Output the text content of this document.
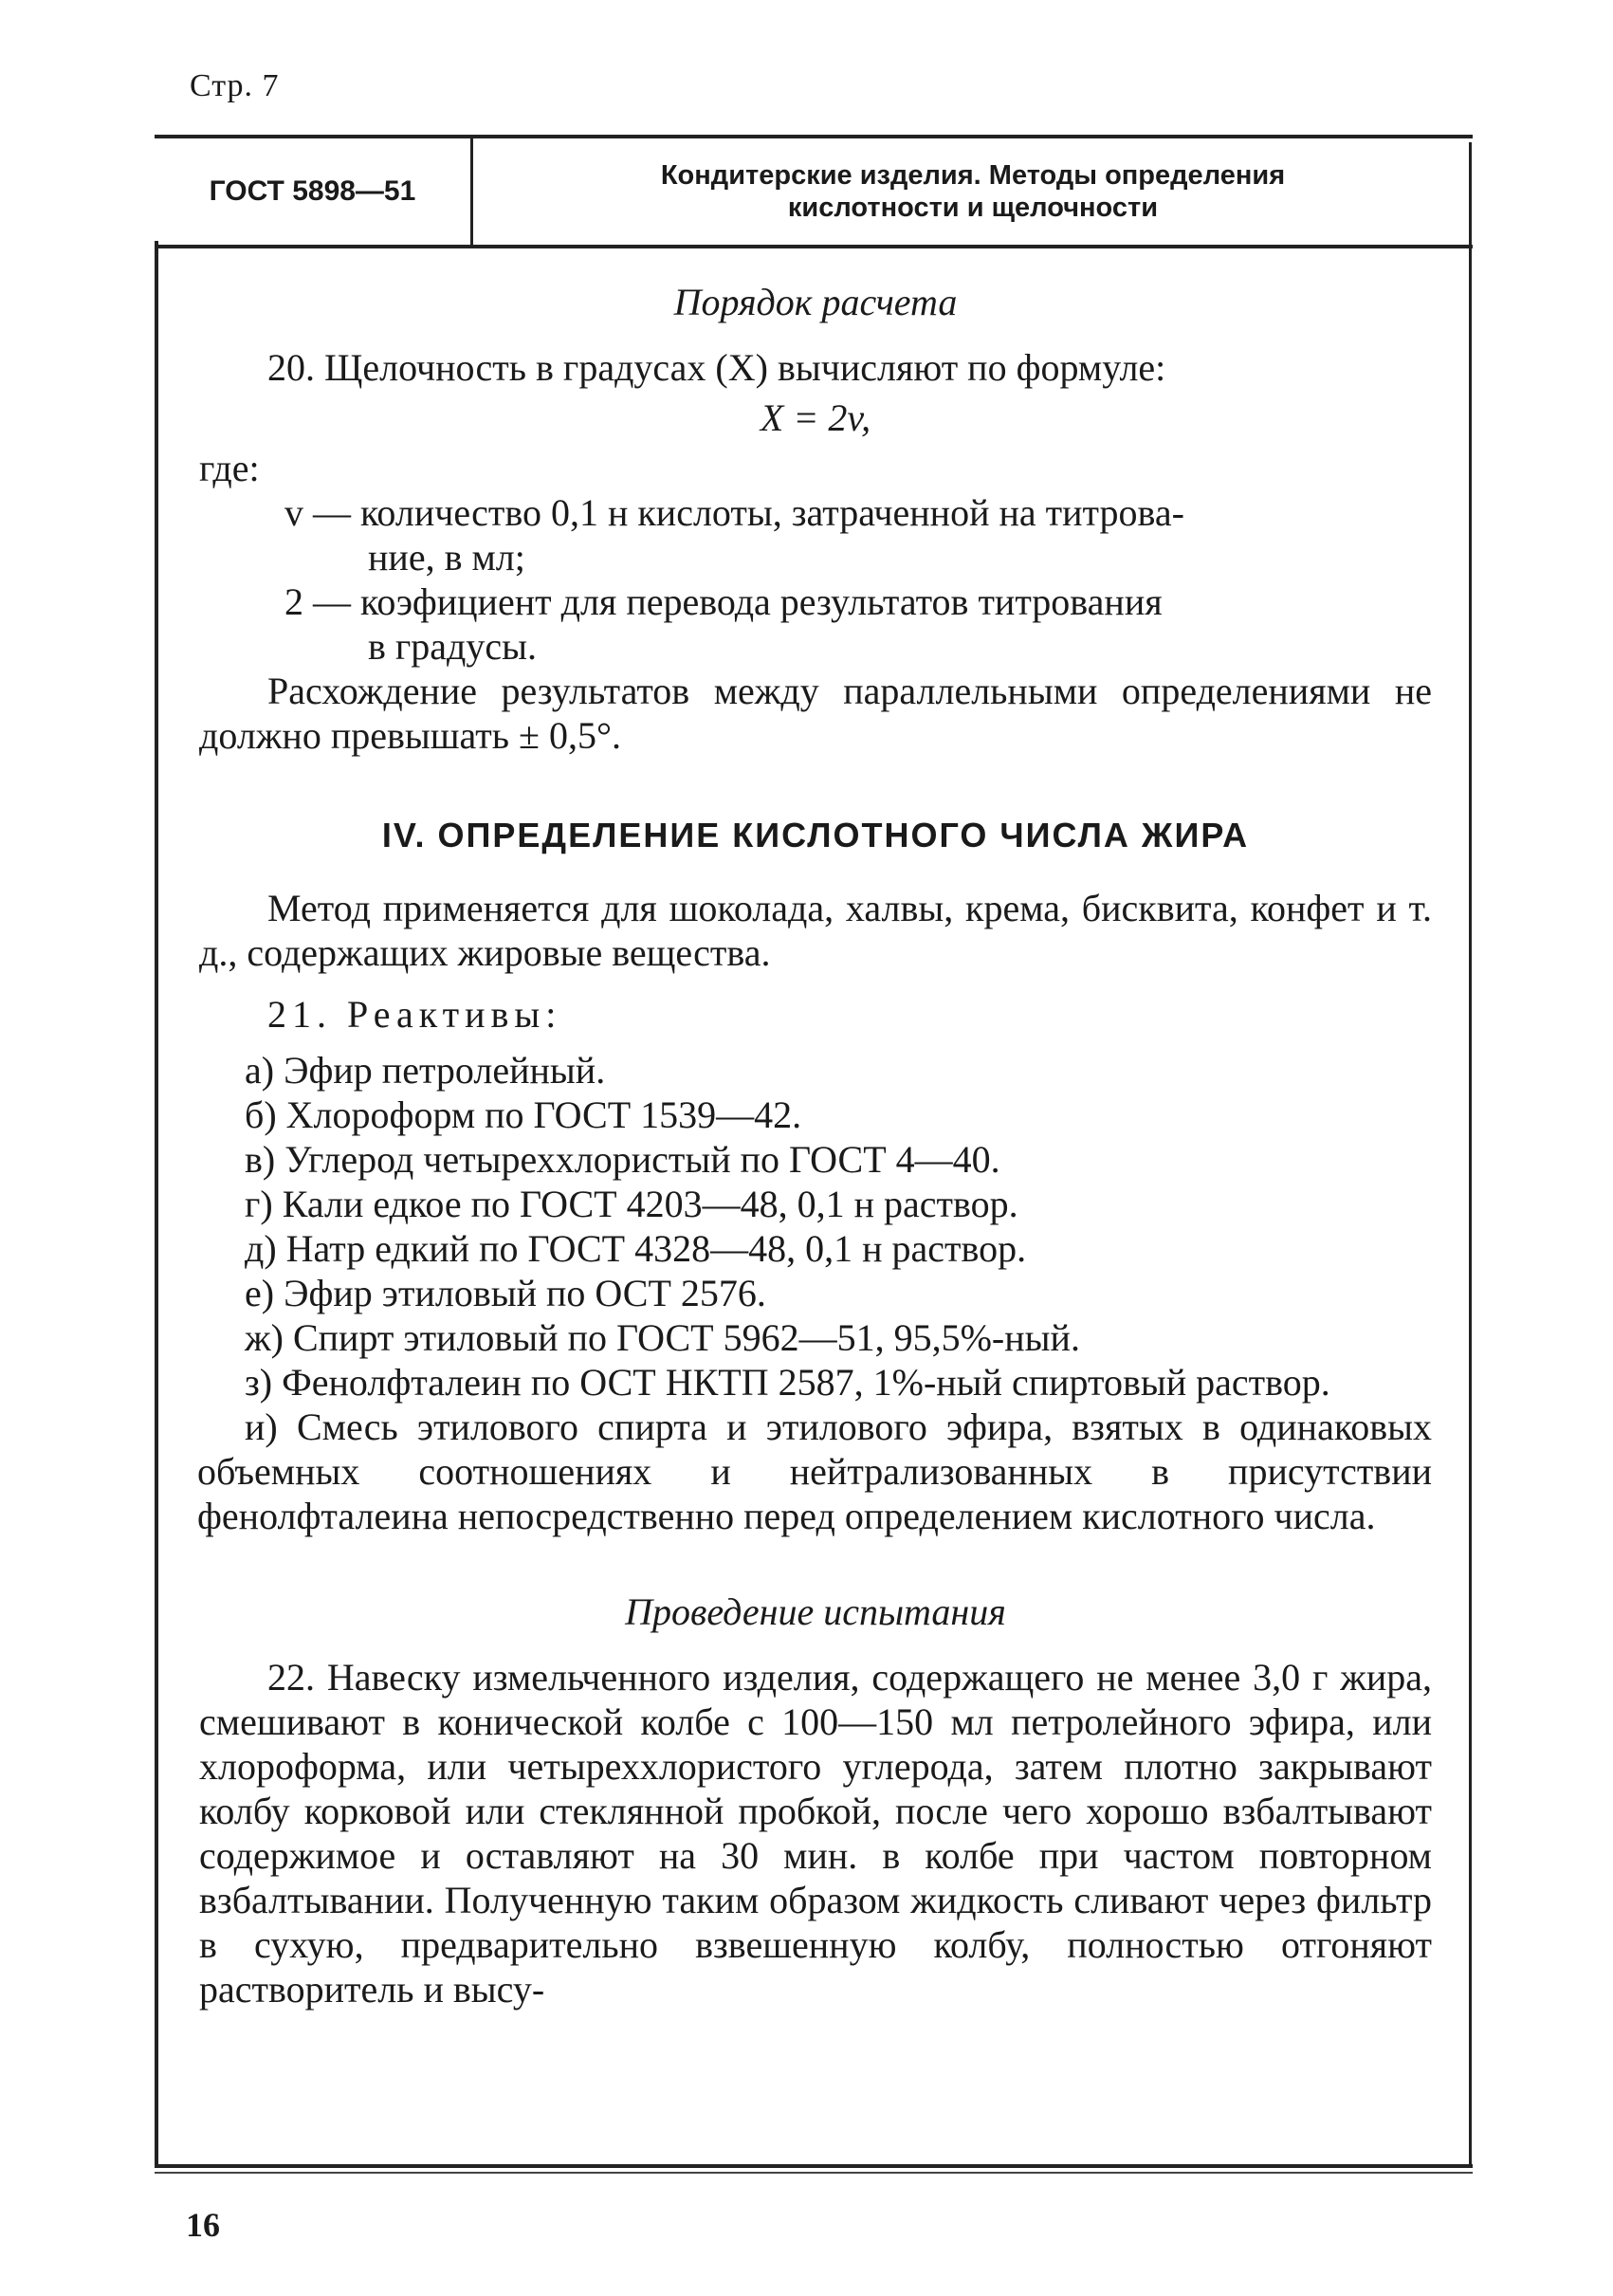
Стр. 7
ГОСТ 5898—51	Кондитерские изделия. Методы определения
кислотности и щелочности

Порядок расчета

20. Щелочность в градусах (X) вычисляют по формуле:

X = 2v,

где:

v — количество 0,1 н кислоты, затраченной на титрова-

ние, в мл;

2 — коэфициент для перевода результатов титрования

в градусы.

Расхождение результатов между параллельными определениями не должно превышать ± 0,5°.

IV. ОПРЕДЕЛЕНИЕ КИСЛОТНОГО ЧИСЛА ЖИРА

Метод применяется для шоколада, халвы, крема, бисквита, конфет и т. д., содержащих жировые вещества.

21. Реактивы:

а) Эфир петролейный.

б) Хлороформ по ГОСТ 1539—42.

в) Углерод четыреххлористый по ГОСТ 4—40.

г) Кали едкое по ГОСТ 4203—48, 0,1 н раствор.

д) Натр едкий по ГОСТ 4328—48, 0,1 н раствор.

е) Эфир этиловый по ОСТ 2576.

ж) Спирт этиловый по ГОСТ 5962—51, 95,5%-ный.

з) Фенолфталеин по ОСТ НКТП 2587, 1%-ный спиртовый раствор.

и) Смесь этилового спирта и этилового эфира, взятых в одинаковых объемных соотношениях и нейтрализованных в присутствии фенолфталеина непосредственно перед определением кислотного числа.

Проведение испытания

22. Навеску измельченного изделия, содержащего не менее 3,0 г жира, смешивают в конической колбе с 100—150 мл петролейного эфира, или хлороформа, или четыреххлористого углерода, затем плотно закрывают колбу корковой или стеклянной пробкой, после чего хорошо взбалтывают содержимое и оставляют на 30 мин. в колбе при частом повторном взбалтывании. Полученную таким образом жидкость сливают через фильтр в сухую, предварительно взвешенную колбу, полностью отгоняют растворитель и высу-

16
